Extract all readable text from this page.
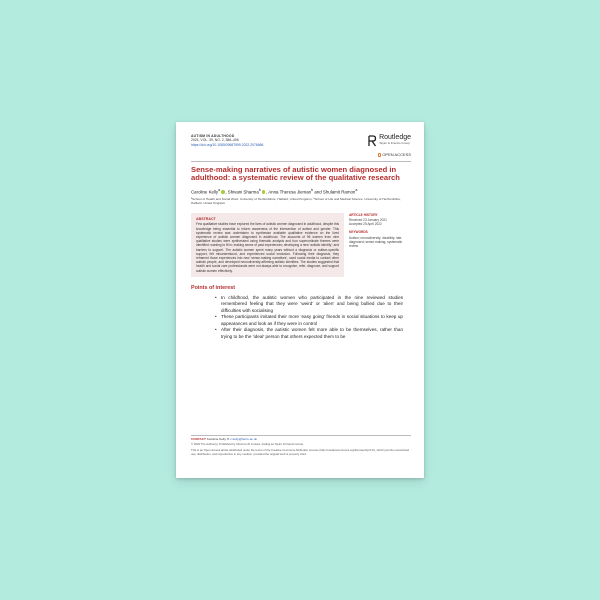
AUTISM IN ADULTHOOD
2024, VOL. 39, NO. 2, 386–406
https://doi.org/10.1080/09687599.2022.2076666
Routledge
Taylor & Francis Group
OPEN ACCESS
Sense-making narratives of autistic women diagnosed in adulthood: a systematic review of the qualitative research
Caroline Kelly$^a$ , Shivani Sharma$^b$ , Anna Theresa Jieman$^b$ and Shulamit Ramon$^a$
ªSchool of Health and Social Work, University of Hertfordshire, Hatfield, United Kingdom; ᵇSchool of Life and Medical Science, University of Hertfordshire, Hatfield, United Kingdom
ABSTRACT
Few qualitative studies have explored the lives of autistic women diagnosed in adulthood, despite this knowledge being essential to inform awareness of the intersection of autism and gender. This systematic review was undertaken to synthesise available qualitative evidence on the lived experience of autistic women diagnosed in adulthood. The accounts of 96 women from nine qualitative studies were synthesised using thematic analysis and four superordinate themes were identified: wanting to fit in; making sense of past experiences; developing a new ‘autistic identity’; and barriers to support. The autistic women spent many years without a diagnosis or autism-specific support, felt misunderstood, and experienced social exclusion. Following their diagnosis, they reframed those experiences into new ‘sense-making narratives’, used social media to contact other autistic people, and developed neurodiversity-affirming autistic identities. The studies suggested that health and social care professionals were not always able to recognise, refer, diagnose, and support autistic women effectively.
ARTICLE HISTORY
Received 23 January 2021
Accepted 25 April 2022
KEYWORDS
Autism; neurodiversity; disability; late-diagnosed; sense-making; systematic review
Points of interest
• In childhood, the autistic women who participated in the nine reviewed studies remembered feeling that they were ‘weird’ or ‘alien’ and being bullied due to their difficulties with socialising
• These participants imitated their more ‘easy going’ friends in social situations to keep up appearances and look as if they were in control
• After their diagnosis, the autistic women felt more able to be themselves, rather than trying to be the ‘ideal’ person that others expected them to be
CONTACT Caroline Kelly ✉ c.kelly@herts.ac.uk
© 2022 The Author(s). Published by Informa UK Limited, trading as Taylor & Francis Group.
This is an Open Access article distributed under the terms of the Creative Commons Attribution License (http://creativecommons.org/licenses/by/4.0/), which permits unrestricted use, distribution, and reproduction in any medium, provided the original work is properly cited.
